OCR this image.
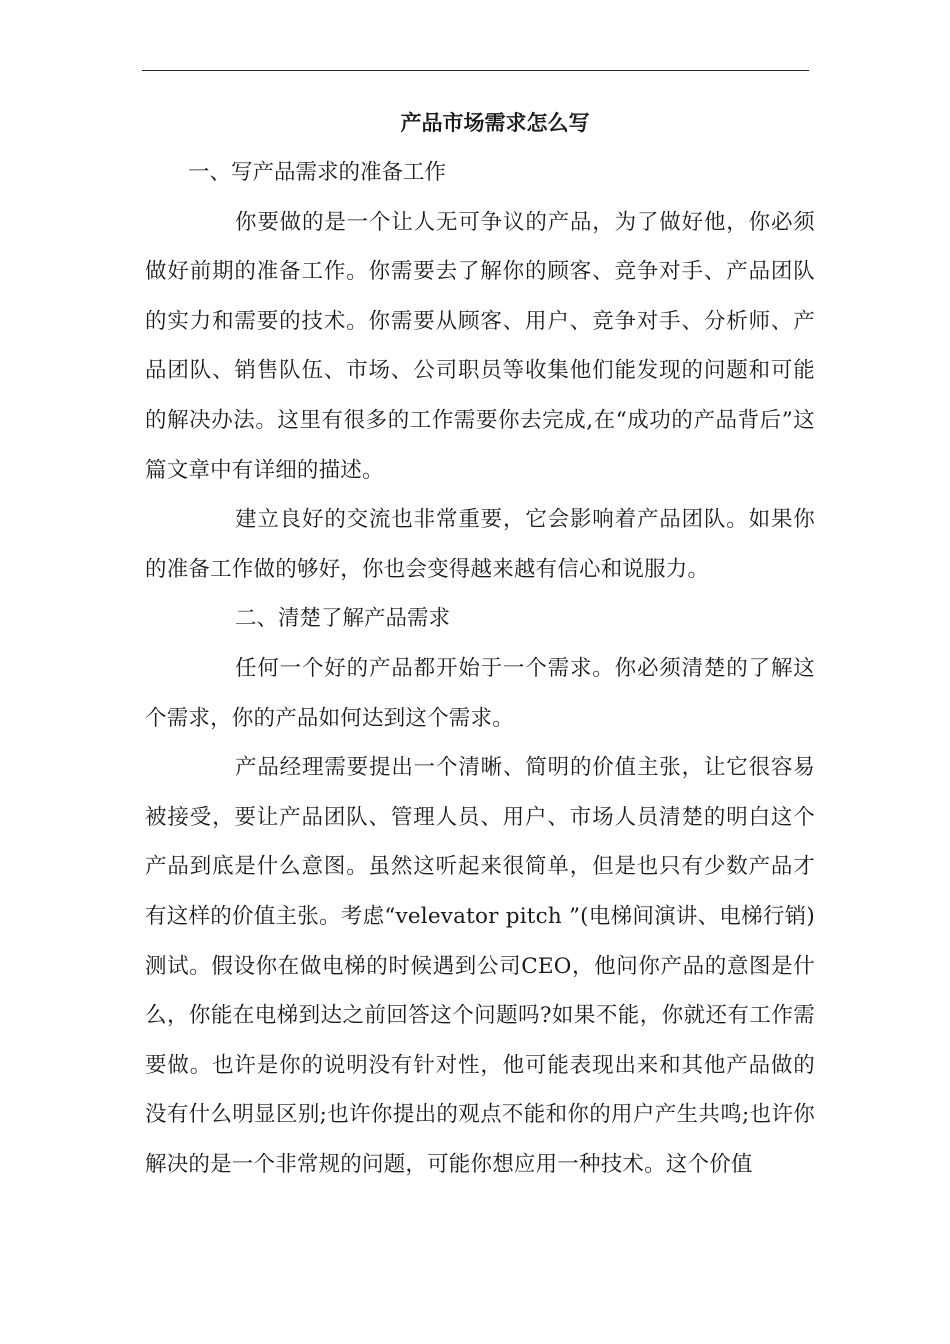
产品市场需求怎么写

一、写产品需求的准备工作

你要做的是一个让人无可争议的产品，为了做好他，你必须做好前期的准备工作。你需要去了解你的顾客、竞争对手、产品团队的实力和需要的技术。你需要从顾客、用户、竞争对手、分析师、产品团队、销售队伍、市场、公司职员等收集他们能发现的问题和可能的解决办法。这里有很多的工作需要你去完成,在“成功的产品背后”这篇文章中有详细的描述。

建立良好的交流也非常重要，它会影响着产品团队。如果你的准备工作做的够好，你也会变得越来越有信心和说服力。

二、清楚了解产品需求

任何一个好的产品都开始于一个需求。你必须清楚的了解这个需求，你的产品如何达到这个需求。

产品经理需要提出一个清晰、简明的价值主张，让它很容易被接受，要让产品团队、管理人员、用户、市场人员清楚的明白这个产品到底是什么意图。虽然这听起来很简单，但是也只有少数产品才有这样的价值主张。考虑“velevator pitch ”(电梯间演讲、电梯行销)测试。假设你在做电梯的时候遇到公司CEO，他问你产品的意图是什么，你能在电梯到达之前回答这个问题吗?如果不能，你就还有工作需要做。也许是你的说明没有针对性，他可能表现出来和其他产品做的没有什么明显区别;也许你提出的观点不能和你的用户产生共鸣;也许你解决的是一个非常规的问题，可能你想应用一种技术。这个价值
